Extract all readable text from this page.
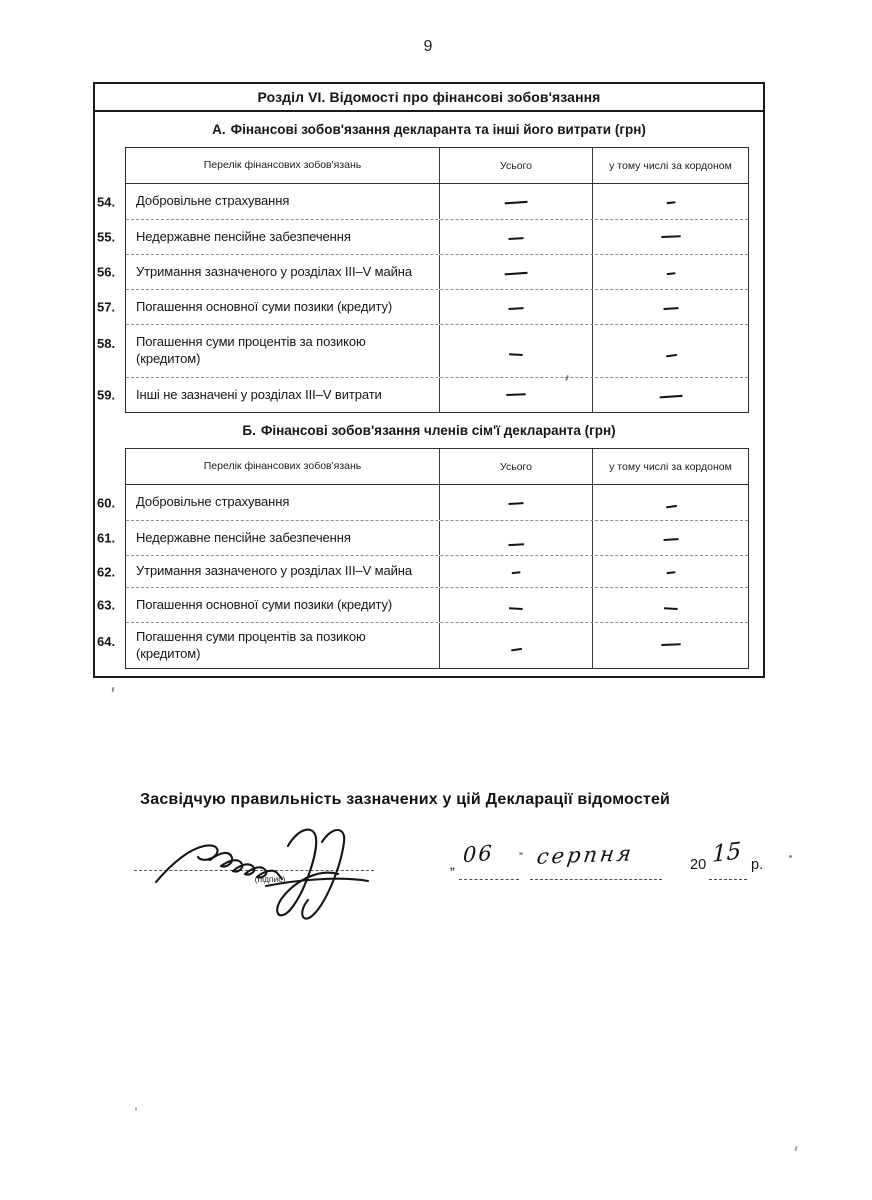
9
Розділ VI. Відомості про фінансові зобов'язання
А. Фінансові зобов'язання декларанта та інші його витрати (грн)
Перелік фінансових зобов'язань	Усього	у тому числі за кордоном
54.	Добровільне страхування	—	—
55.	Недержавне пенсійне забезпечення	—	—
56.	Утримання зазначеного у розділах III–V майна	—	—
57.	Погашення основної суми позики (кредиту)	—	—
58.	Погашення суми процентів за позикою (кредитом)	—	—
59.	Інші не зазначені у розділах III–V витрати	—	—
Б. Фінансові зобов'язання членів сім'ї декларанта (грн)
Перелік фінансових зобов'язань	Усього	у тому числі за кордоном
60.	Добровільне страхування	—	—
61.	Недержавне пенсійне забезпечення	—	—
62.	Утримання зазначеного у розділах III–V майна	—	—
63.	Погашення основної суми позики (кредиту)	—	—
64.	Погашення суми процентів за позикою (кредитом)	—	—
Засвідчую правильність зазначених у цій Декларації відомостей
(підпис)
„ 06 ” серпня	20 15 р.
